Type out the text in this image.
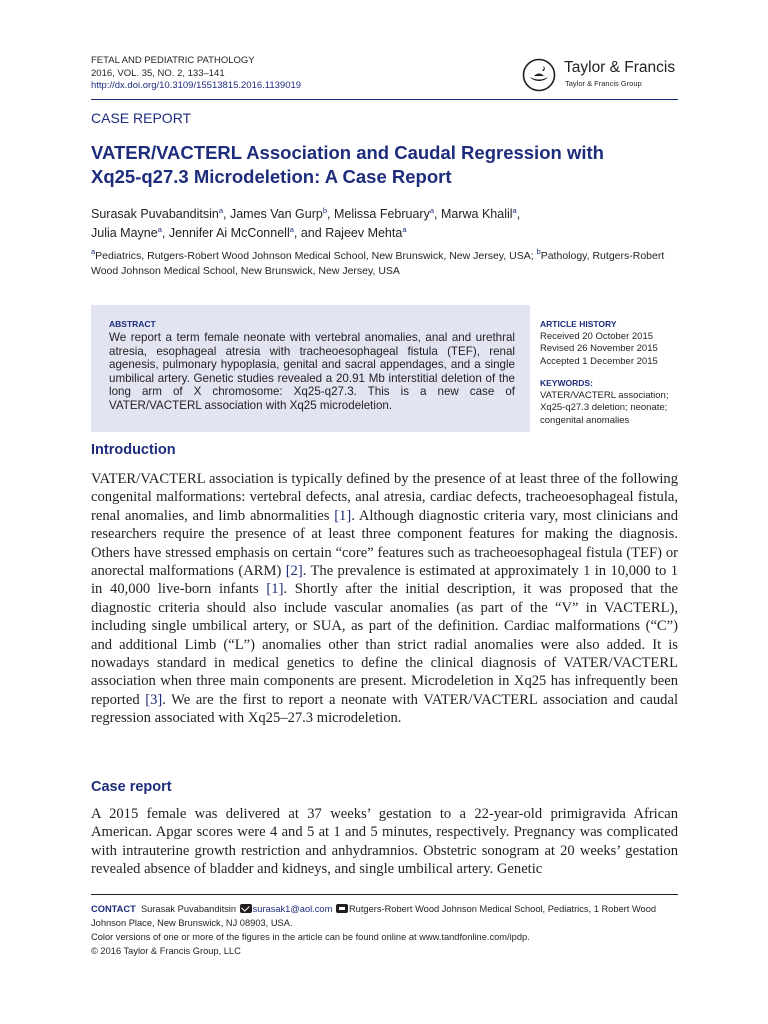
FETAL AND PEDIATRIC PATHOLOGY
2016, VOL. 35, NO. 2, 133–141
http://dx.doi.org/10.3109/15513815.2016.1139019
Taylor & Francis
Taylor & Francis Group
CASE REPORT
VATER/VACTERL Association and Caudal Regression with
Xq25-q27.3 Microdeletion: A Case Report
Surasak Puvabanditsin$^a$, James Van Gurp$^b$, Melissa February$^a$, Marwa Khalil$^a$,
Julia Mayne$^a$, Jennifer Ai McConnell$^a$, and Rajeev Mehta$^a$
$^a$Pediatrics, Rutgers-Robert Wood Johnson Medical School, New Brunswick, New Jersey, USA; $^b$Pathology, Rutgers-Robert Wood Johnson Medical School, New Brunswick, New Jersey, USA
ABSTRACT
We report a term female neonate with vertebral anomalies, anal and urethral atresia, esophageal atresia with tracheoesophageal fistula (TEF), renal agenesis, pulmonary hypoplasia, genital and sacral appendages, and a single umbilical artery. Genetic studies revealed a 20.91 Mb interstitial deletion of the long arm of X chromosome: Xq25-q27.3. This is a new case of VATER/VACTERL association with Xq25 microdeletion.
ARTICLE HISTORY
Received 20 October 2015
Revised 26 November 2015
Accepted 1 December 2015
KEYWORDS:
VATER/VACTERL association;
Xq25-q27.3 deletion; neonate;
congenital anomalies
Introduction

VATER/VACTERL association is typically defined by the presence of at least three of the following congenital malformations: vertebral defects, anal atresia, cardiac defects, tracheoesophageal fistula, renal anomalies, and limb abnormalities [1]. Although diagnostic criteria vary, most clinicians and researchers require the presence of at least three component features for making the diagnosis. Others have stressed emphasis on certain “core” features such as tracheoesophageal fistula (TEF) or anorectal malformations (ARM) [2]. The prevalence is estimated at approximately 1 in 10,000 to 1 in 40,000 live-born infants [1]. Shortly after the initial description, it was proposed that the diagnostic criteria should also include vascular anomalies (as part of the “V” in VACTERL), including single umbilical artery, or SUA, as part of the definition. Cardiac malformations (“C”) and additional Limb (“L”) anomalies other than strict radial anomalies were also added. It is nowadays standard in medical genetics to define the clinical diagnosis of VATER/VACTERL association when three main components are present. Microdeletion in Xq25 has infrequently been reported [3]. We are the first to report a neonate with VATER/VACTERL association and caudal regression associated with Xq25–27.3 microdeletion.

Case report

A 2015 female was delivered at 37 weeks’ gestation to a 22-year-old primigravida African American. Apgar scores were 4 and 5 at 1 and 5 minutes, respectively. Pregnancy was complicated with intrauterine growth restriction and anhydramnios. Obstetric sonogram at 20 weeks’ gestation revealed absence of bladder and kidneys, and single umbilical artery. Genetic

CONTACT Surasak Puvabanditsin surasak1@aol.com Rutgers-Robert Wood Johnson Medical School, Pediatrics, 1 Robert Wood Johnson Place, New Brunswick, NJ 08903, USA.
Color versions of one or more of the figures in the article can be found online at www.tandfonline.com/ipdp.
© 2016 Taylor & Francis Group, LLC
